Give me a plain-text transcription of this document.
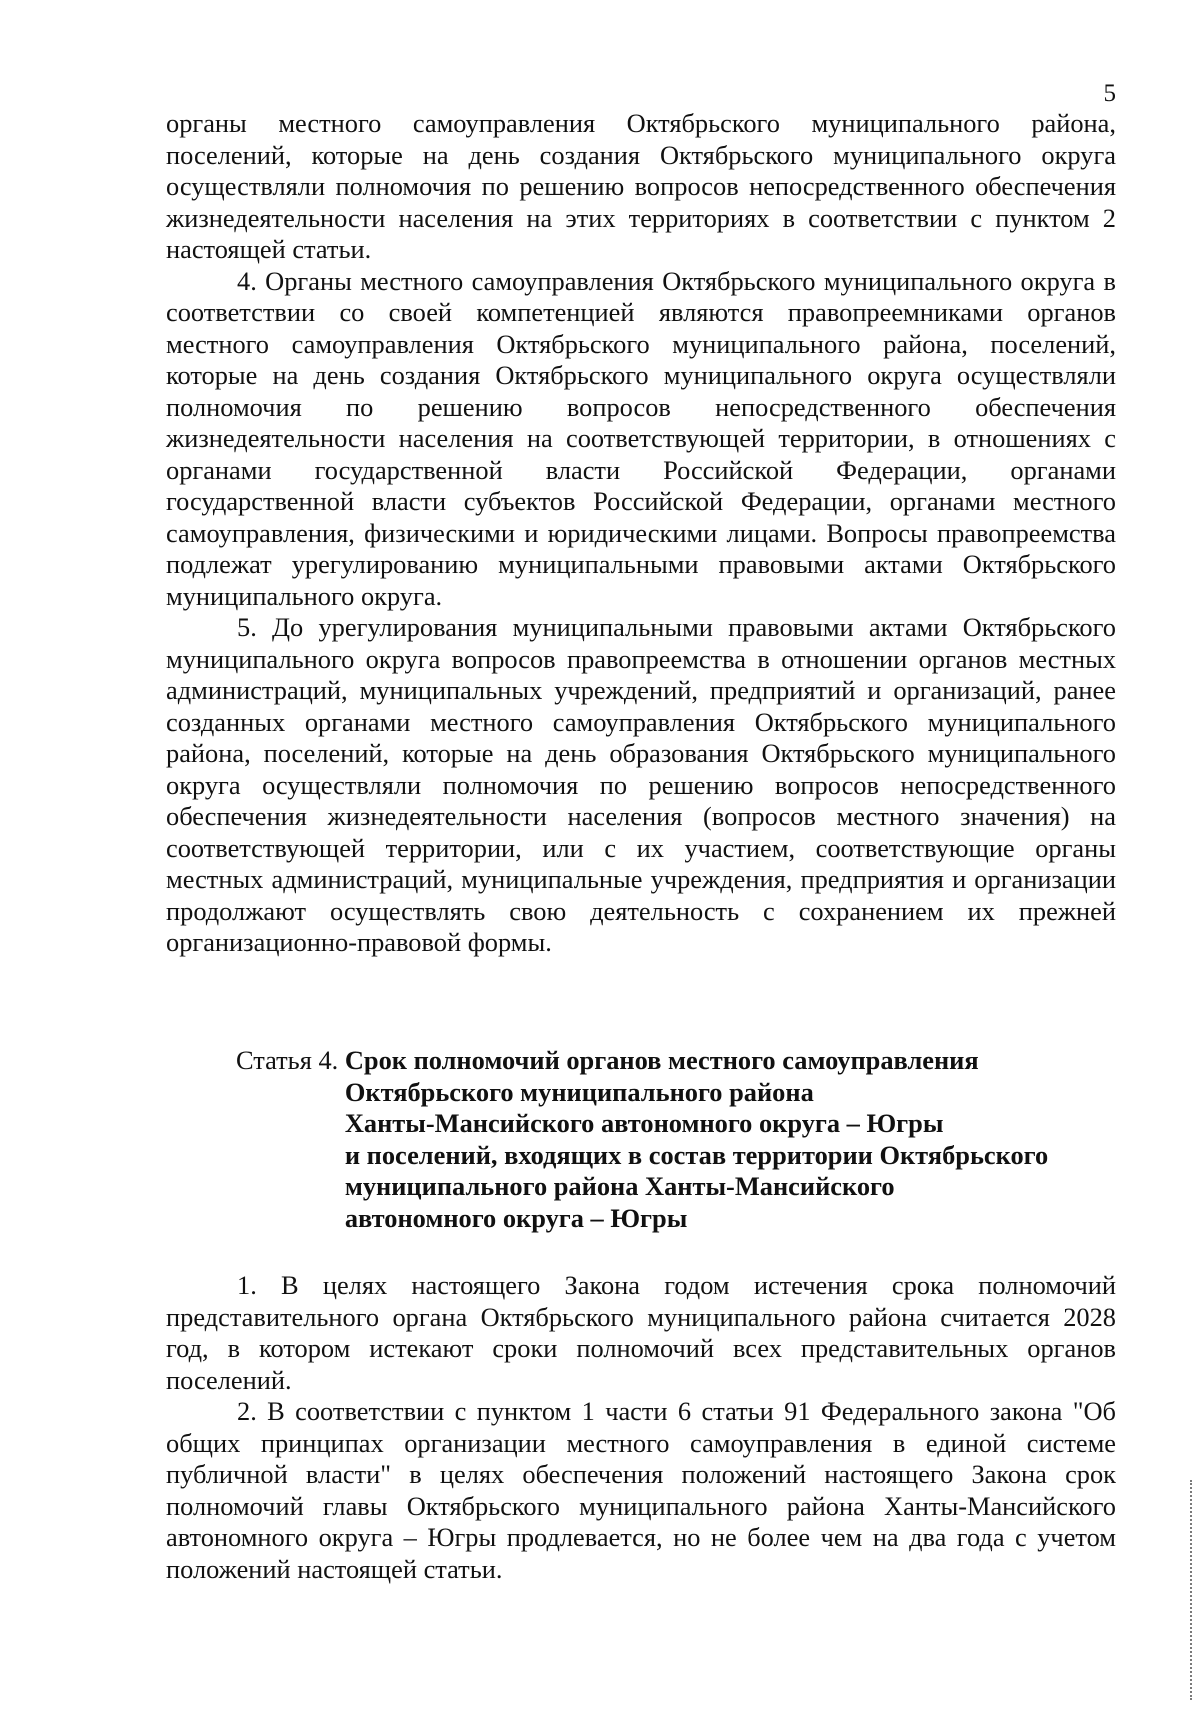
5

органы местного самоуправления Октябрьского муниципального района, поселений, которые на день создания Октябрьского муниципального округа осуществляли полномочия по решению вопросов непосредственного обеспечения жизнедеятельности населения на этих территориях в соответствии с пунктом 2 настоящей статьи.

4. Органы местного самоуправления Октябрьского муниципального округа в соответствии со своей компетенцией являются правопреемниками органов местного самоуправления Октябрьского муниципального района, поселений, которые на день создания Октябрьского муниципального округа осуществляли полномочия по решению вопросов непосредственного обеспечения жизнедеятельности населения на соответствующей территории, в отношениях с органами государственной власти Российской Федерации, органами государственной власти субъектов Российской Федерации, органами местного самоуправления, физическими и юридическими лицами. Вопросы правопреемства подлежат урегулированию муниципальными правовыми актами Октябрьского муниципального округа.

5. До урегулирования муниципальными правовыми актами Октябрьского муниципального округа вопросов правопреемства в отношении органов местных администраций, муниципальных учреждений, предприятий и организаций, ранее созданных органами местного самоуправления Октябрьского муниципального района, поселений, которые на день образования Октябрьского муниципального округа осуществляли полномочия по решению вопросов непосредственного обеспечения жизнедеятельности населения (вопросов местного значения) на соответствующей территории, или с их участием, соответствующие органы местных администраций, муниципальные учреждения, предприятия и организации продолжают осуществлять свою деятельность с сохранением их прежней организационно-правовой формы.

Статья 4. Срок полномочий органов местного самоуправления
Октябрьского муниципального района
Ханты-Мансийского автономного округа – Югры
и поселений, входящих в состав территории Октябрьского
муниципального района Ханты-Мансийского
автономного округа – Югры

1. В целях настоящего Закона годом истечения срока полномочий представительного органа Октябрьского муниципального района считается 2028 год, в котором истекают сроки полномочий всех представительных органов поселений.

2. В соответствии с пунктом 1 части 6 статьи 91 Федерального закона "Об общих принципах организации местного самоуправления в единой системе публичной власти" в целях обеспечения положений настоящего Закона срок полномочий главы Октябрьского муниципального района Ханты-Мансийского автономного округа – Югры продлевается, но не более чем на два года с учетом положений настоящей статьи.
